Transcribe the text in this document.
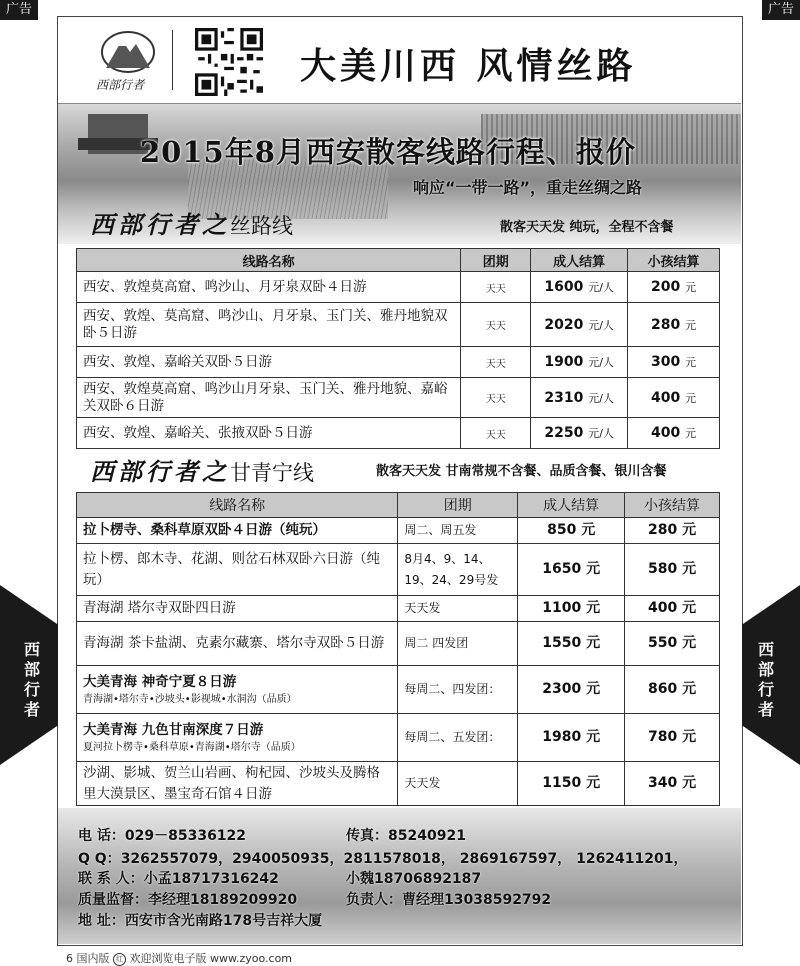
广告	广告
西部行者	大美川西 风情丝路
2015年8月西安散客线路行程、报价
响应“一带一路”，重走丝绸之路
西部行者之丝路线	散客天天发 纯玩，全程不含餐
线路名称	团期	成人结算	小孩结算
西安、敦煌莫高窟、鸣沙山、月牙泉双卧４日游	天天	1600 元/人	200 元
西安、敦煌、莫高窟、鸣沙山、月牙泉、玉门关、雅丹地貌双卧５日游	天天	2020 元/人	280 元
西安、敦煌、嘉峪关双卧５日游	天天	1900 元/人	300 元
西安、敦煌莫高窟、鸣沙山月牙泉、玉门关、雅丹地貌、嘉峪关双卧６日游	天天	2310 元/人	400 元
西安、敦煌、嘉峪关、张掖双卧５日游	天天	2250 元/人	400 元
西部行者之甘青宁线	散客天天发 甘南常规不含餐、品质含餐、银川含餐
线路名称	团期	成人结算	小孩结算
拉卜楞寺、桑科草原双卧４日游（纯玩）	周二、周五发	850 元	280 元
拉卜楞、郎木寺、花湖、则岔石林双卧六日游（纯玩）	8月4、9、14、19、24、29号发	1650 元	580 元
青海湖 塔尔寺双卧四日游	天天发	1100 元	400 元
青海湖 茶卡盐湖、克素尔藏寨、塔尔寺双卧５日游	周二 四发团	1550 元	550 元
大美青海 神奇宁夏８日游
青海湖•塔尔寺•沙坡头•影视城•水洞沟（品质）	每周二、四发团：	2300 元	860 元
大美青海 九色甘南深度７日游
夏河拉卜楞寺•桑科草原•青海湖•塔尔寺（品质）	每周二、五发团：	1980 元	780 元
沙湖、影城、贺兰山岩画、枸杞园、沙坡头及腾格里大漠景区、墨宝奇石馆４日游	天天发	1150 元	340 元
西部行者
西部行者
电 话：029－85336122	传真：85240921
Q Q：3262557079，2940050935，2811578018， 2869167597， 1262411201，
联 系 人：小孟18717316242	小魏18706892187
质量监督：李经理18189209920	负责人：曹经理13038592792
地 址：西安市含光南路178号吉祥大厦
6 国内版 红 欢迎浏览电子版 www.zyoo.com
